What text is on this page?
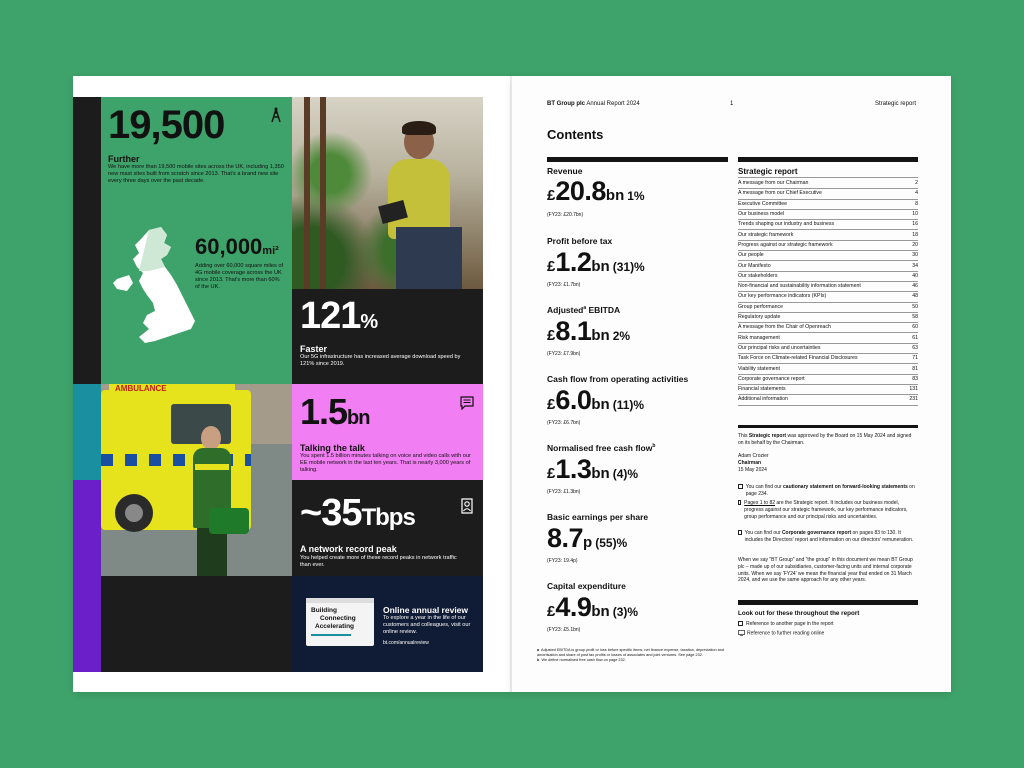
19,500
Further
We have more than 19,500 mobile sites across the UK, including 1,350 new mast sites built from scratch since 2013. That's a brand new site every three days over the past decade.
60,000mi²
Adding over 60,000 square miles of 4G mobile coverage across the UK since 2013. That's more than 60% of the UK.
121%
Faster
Our 5G infrastructure has increased average download speed by 121% since 2019.
AMBULANCE
1.5bn
Talking the talk
You spent 1.5 billion minutes talking on voice and video calls with our EE mobile network in the last ten years. That is nearly 3,000 years of talking.
~35Tbps
A network record peak
You helped create more of these record peaks in network traffic than ever.
Building
Connecting
Accelerating
Online annual review
To explore a year in the life of our customers and colleagues, visit our online review.
bt.com/annualreview
BT Group plc Annual Report 2024	1	Strategic report
Contents
Revenue
£20.8bn 1%
(FY23: £20.7bn)
Profit before tax
£1.2bn (31)%
(FY23: £1.7bn)
Adjusted$^a$ EBITDA
£8.1bn 2%
(FY23: £7.9bn)
Cash flow from operating activities
£6.0bn (11)%
(FY23: £6.7bn)
Normalised free cash flow$^b$
£1.3bn (4)%
(FY23: £1.3bn)
Basic earnings per share
8.7p (55)%
(FY23: 19.4p)
Capital expenditure
£4.9bn (3)%
(FY23: £5.1bn)
a Adjusted EBITDA is group profit or loss before specific items, net finance expense, taxation, depreciation and amortisation and share of post tax profits or losses of associates and joint ventures. See page 232.
b We define normalised free cash flow on page 232.
Strategic report
A message from our Chairman	2
A message from our Chief Executive	4
Executive Committee	8
Our business model	10
Trends shaping our industry and business	16
Our strategic framework	18
Progress against our strategic framework	20
Our people	30
Our Manifesto	34
Our stakeholders	40
Non-financial and sustainability information statement	46
Our key performance indicators (KPIs)	48
Group performance	50
Regulatory update	58
A message from the Chair of Openreach	60
Risk management	61
Our principal risks and uncertainties	63
Task Force on Climate-related Financial Disclosures	71
Viability statement	81
Corporate governance report	83
Financial statements	131
Additional information	231
This Strategic report was approved by the Board on 15 May 2024 and signed on its behalf by the Chairman.
Adam Crozier
Chairman
15 May 2024
You can find our cautionary statement on forward-looking statements on page 234.
Pages 1 to 82 are the Strategic report. It includes our business model, progress against our strategic framework, our key performance indicators, group performance and our principal risks and uncertainties.
You can find our Corporate governance report on pages 83 to 130. It includes the Directors' report and information on our directors' remuneration.
When we say "BT Group" and "the group" in this document we mean BT Group plc – made up of our subsidiaries, customer-facing units and internal corporate units. When we say 'FY24' we mean the financial year that ended on 31 March 2024, and we use the same approach for any other years.
Look out for these throughout the report
Reference to another page in the report
Reference to further reading online
